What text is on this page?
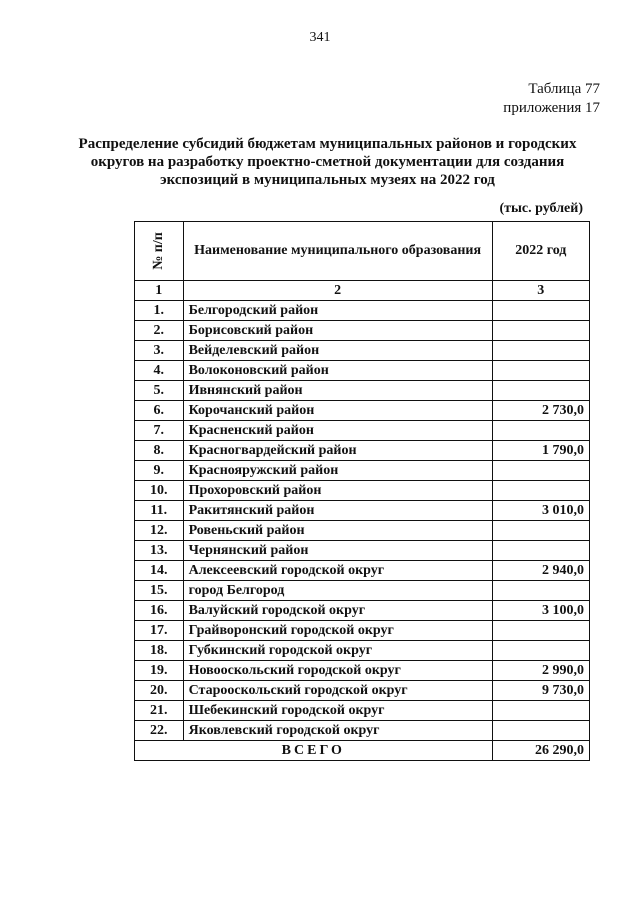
341
Таблица 77
приложения 17
Распределение субсидий бюджетам муниципальных районов и городских округов на разработку проектно-сметной документации для создания экспозиций в муниципальных музеях на 2022 год
(тыс. рублей)
№ п/п	Наименование муниципального образования	2022 год
1	2	3
1.	Белгородский район	
2.	Борисовский район	
3.	Вейделевский район	
4.	Волоконовский район	
5.	Ивнянский район	
6.	Корочанский район	2 730,0
7.	Красненский район	
8.	Красногвардейский район	1 790,0
9.	Краснояружский район	
10.	Прохоровский район	
11.	Ракитянский район	3 010,0
12.	Ровеньский район	
13.	Чернянский район	
14.	Алексеевский городской округ	2 940,0
15.	город Белгород	
16.	Валуйский городской округ	3 100,0
17.	Грайворонский городской округ	
18.	Губкинский городской округ	
19.	Новооскольский городской округ	2 990,0
20.	Старооскольский городской округ	9 730,0
21.	Шебекинский городской округ	
22.	Яковлевский городской округ	
ВСЕГО		26 290,0
